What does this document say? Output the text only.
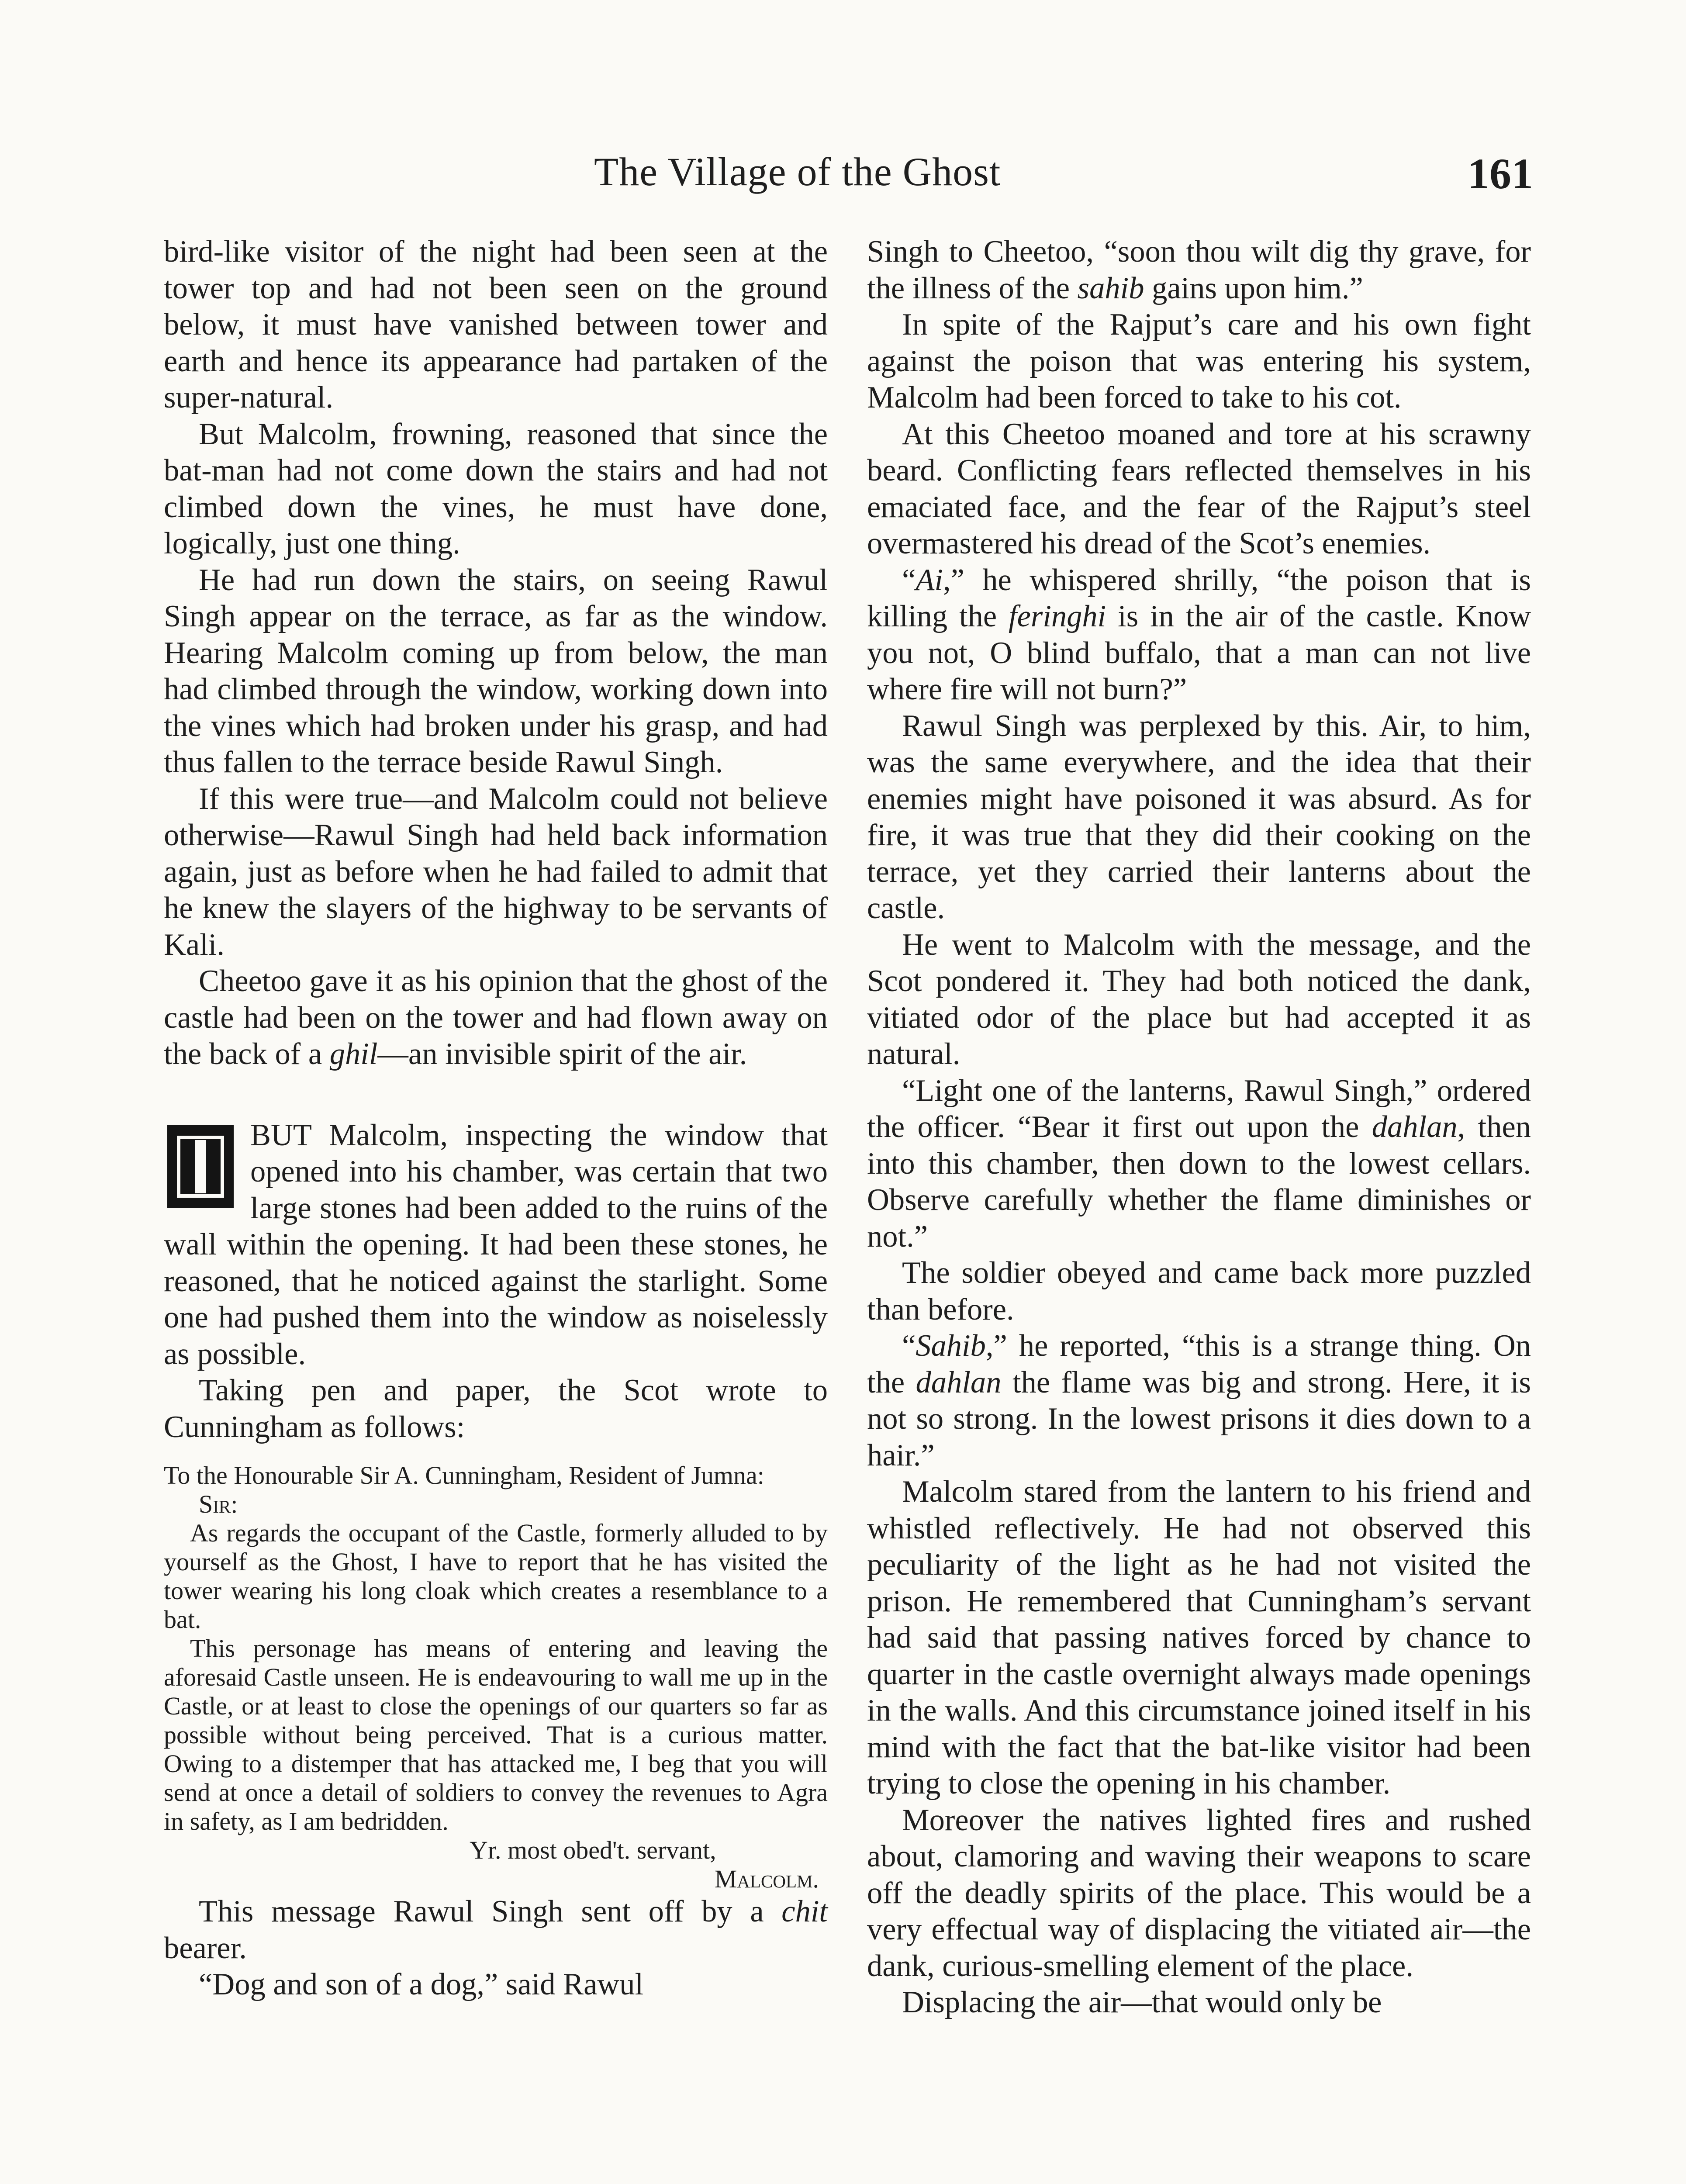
The Village of the Ghost	161

bird-like visitor of the night had been seen at the tower top and had not been seen on the ground below, it must have vanished between tower and earth and hence its appearance had partaken of the super-natural.

But Malcolm, frowning, reasoned that since the bat-man had not come down the stairs and had not climbed down the vines, he must have done, logically, just one thing.

He had run down the stairs, on seeing Rawul Singh appear on the terrace, as far as the window. Hearing Malcolm coming up from below, the man had climbed through the window, working down into the vines which had broken under his grasp, and had thus fallen to the terrace beside Rawul Singh.

If this were true—and Malcolm could not believe otherwise—Rawul Singh had held back information again, just as before when he had failed to admit that he knew the slayers of the highway to be servants of Kali.

Cheetoo gave it as his opinion that the ghost of the castle had been on the tower and had flown away on the back of a ghil—an invisible spirit of the air.

BUT Malcolm, inspecting the window that opened into his chamber, was certain that two large stones had been added to the ruins of the wall within the opening. It had been these stones, he reasoned, that he noticed against the starlight. Some one had pushed them into the window as noiselessly as possible.

Taking pen and paper, the Scot wrote to Cunningham as follows:

To the Honourable Sir A. Cunningham, Resident of Jumna:

Sir:

As regards the occupant of the Castle, formerly alluded to by yourself as the Ghost, I have to report that he has visited the tower wearing his long cloak which creates a resemblance to a bat.

This personage has means of entering and leaving the aforesaid Castle unseen. He is endeavouring to wall me up in the Castle, or at least to close the openings of our quarters so far as possible without being perceived. That is a curious matter. Owing to a distemper that has attacked me, I beg that you will send at once a detail of soldiers to convey the revenues to Agra in safety, as I am bedridden.

Yr. most obed't. servant,

Malcolm.

This message Rawul Singh sent off by a chit bearer.

“Dog and son of a dog,” said Rawul

Singh to Cheetoo, “soon thou wilt dig thy grave, for the illness of the sahib gains upon him.”

In spite of the Rajput’s care and his own fight against the poison that was entering his system, Malcolm had been forced to take to his cot.

At this Cheetoo moaned and tore at his scrawny beard. Conflicting fears reflected themselves in his emaciated face, and the fear of the Rajput’s steel overmastered his dread of the Scot’s enemies.

“Ai,” he whispered shrilly, “the poison that is killing the feringhi is in the air of the castle. Know you not, O blind buffalo, that a man can not live where fire will not burn?”

Rawul Singh was perplexed by this. Air, to him, was the same everywhere, and the idea that their enemies might have poisoned it was absurd. As for fire, it was true that they did their cooking on the terrace, yet they carried their lanterns about the castle.

He went to Malcolm with the message, and the Scot pondered it. They had both noticed the dank, vitiated odor of the place but had accepted it as natural.

“Light one of the lanterns, Rawul Singh,” ordered the officer. “Bear it first out upon the dahlan, then into this chamber, then down to the lowest cellars. Observe carefully whether the flame diminishes or not.”

The soldier obeyed and came back more puzzled than before.

“Sahib,” he reported, “this is a strange thing. On the dahlan the flame was big and strong. Here, it is not so strong. In the lowest prisons it dies down to a hair.”

Malcolm stared from the lantern to his friend and whistled reflectively. He had not observed this peculiarity of the light as he had not visited the prison. He remembered that Cunningham’s servant had said that passing natives forced by chance to quarter in the castle overnight always made openings in the walls. And this circumstance joined itself in his mind with the fact that the bat-like visitor had been trying to close the opening in his chamber.

Moreover the natives lighted fires and rushed about, clamoring and waving their weapons to scare off the deadly spirits of the place. This would be a very effectual way of displacing the vitiated air—the dank, curious-smelling element of the place.

Displacing the air—that would only be
